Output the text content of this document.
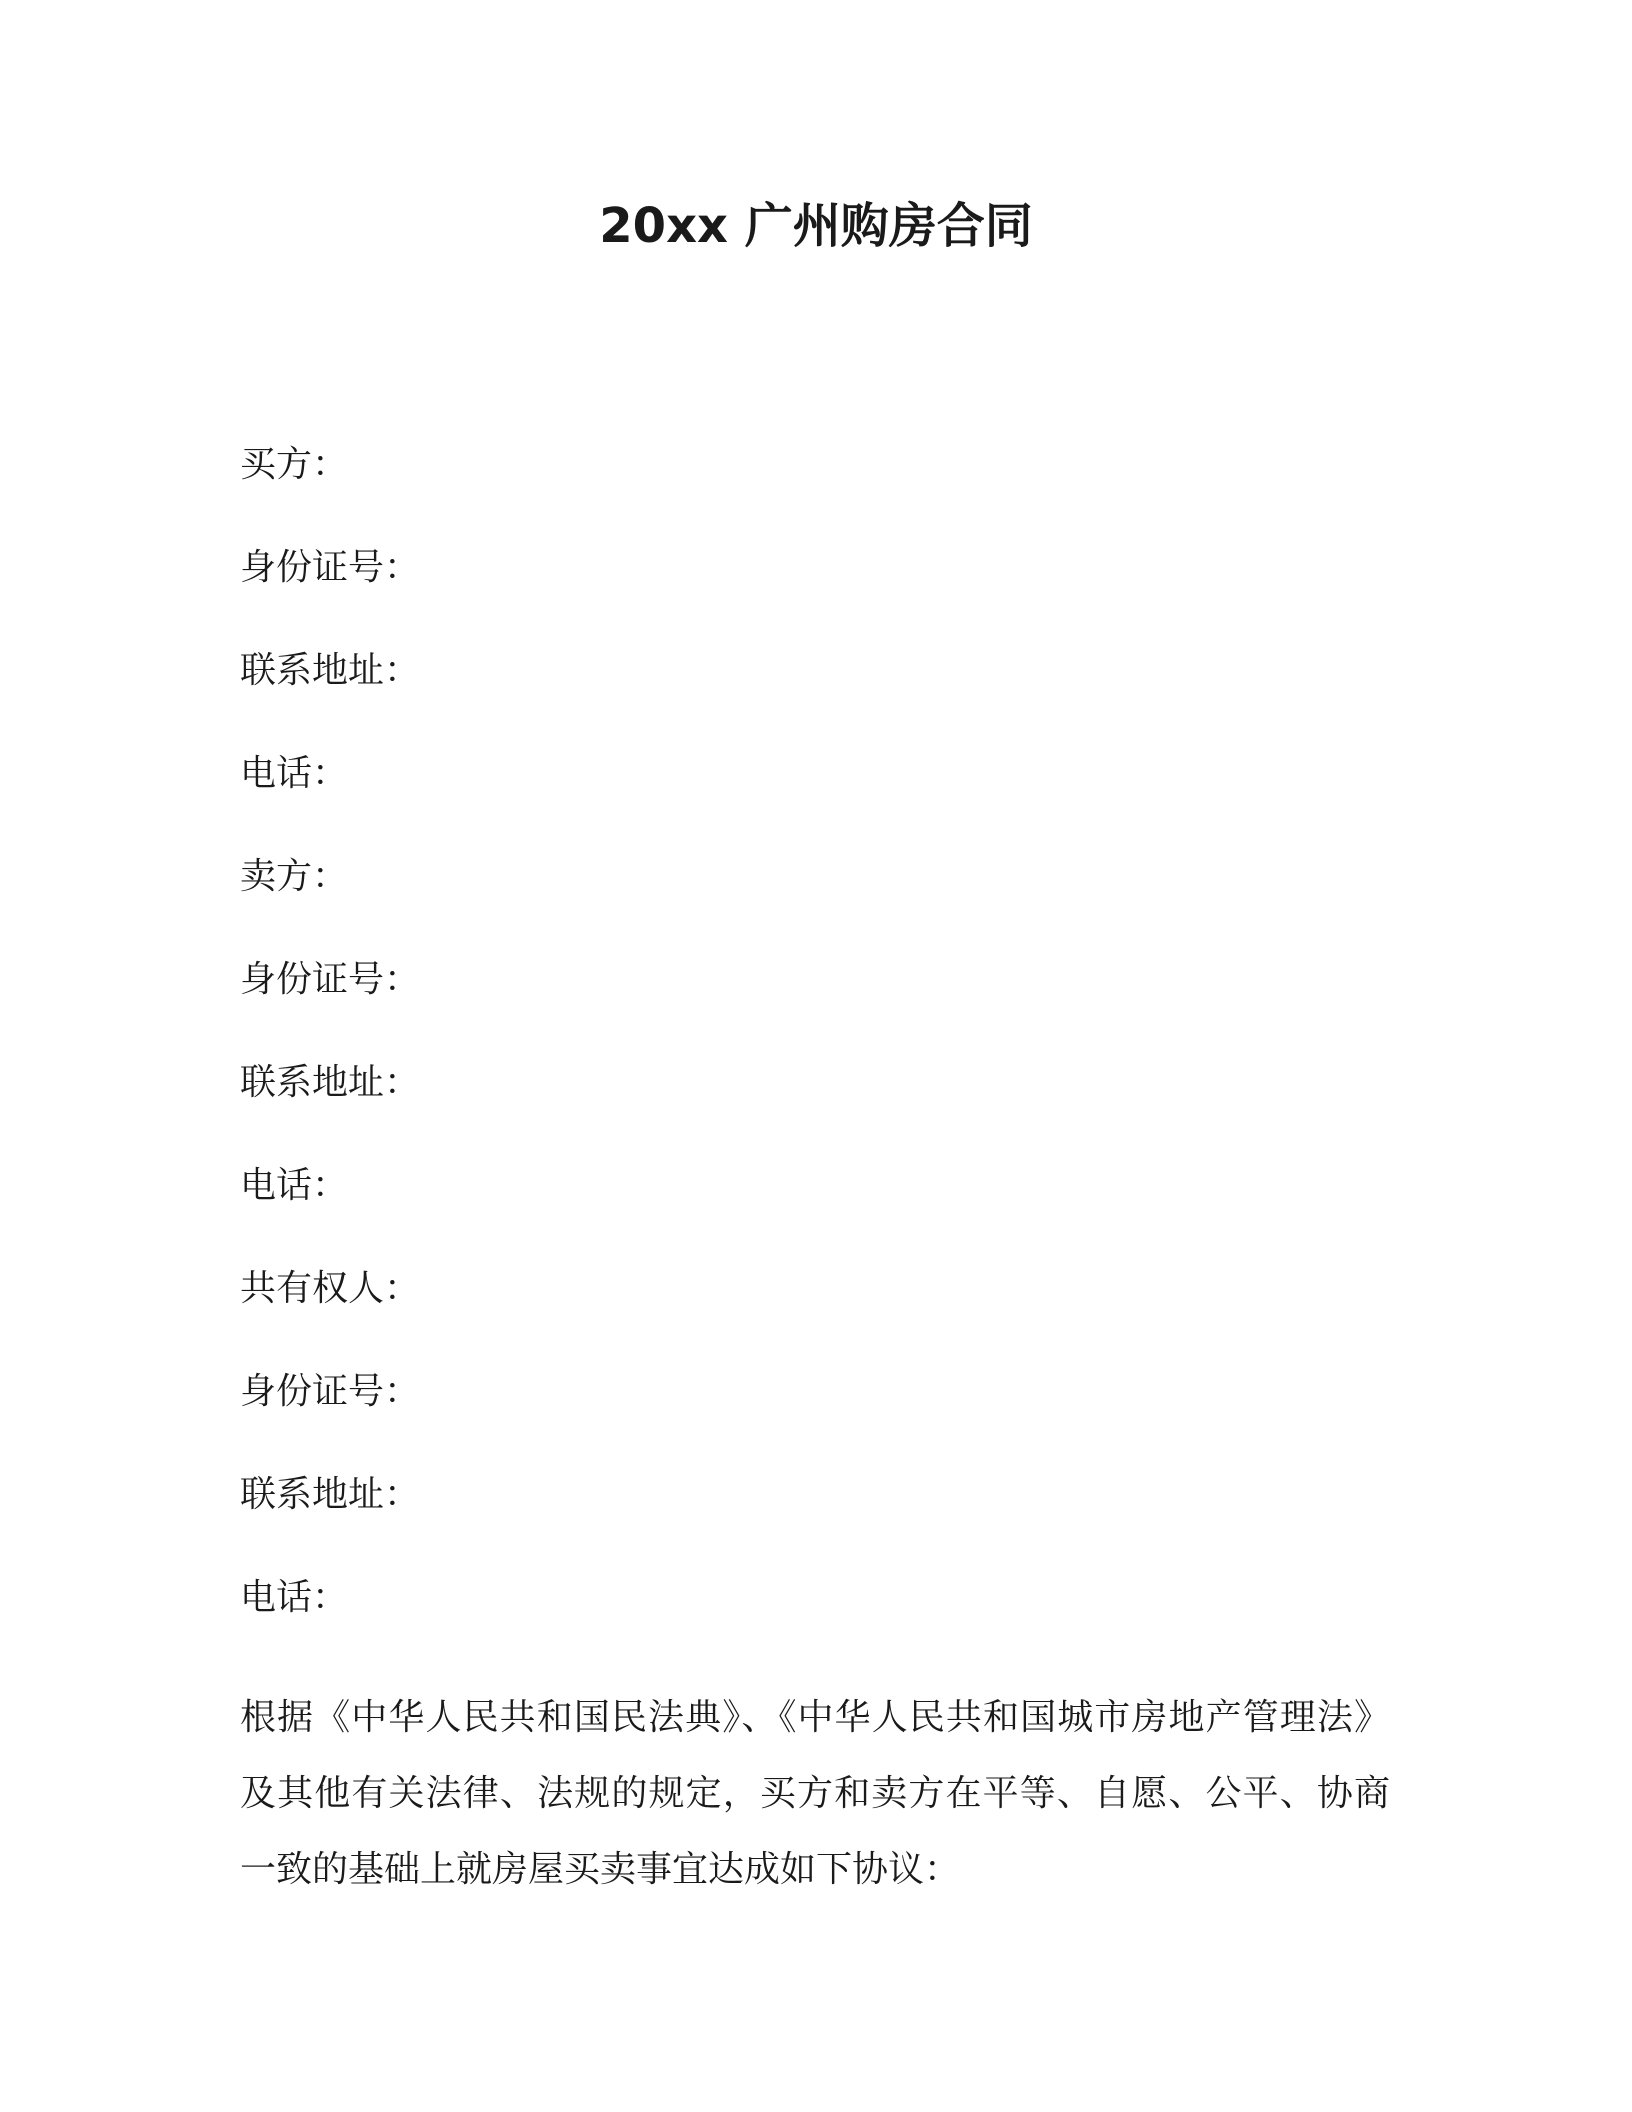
20xx 广州购房合同
买方：
身份证号：
联系地址：
电话：
卖方：
身份证号：
联系地址：
电话：
共有权人：
身份证号：
联系地址：
电话：
根据《中华人民共和国民法典》、《中华人民共和国城市房地产管理法》及其他有关法律、法规的规定，买方和卖方在平等、自愿、公平、协商一致的基础上就房屋买卖事宜达成如下协议：
